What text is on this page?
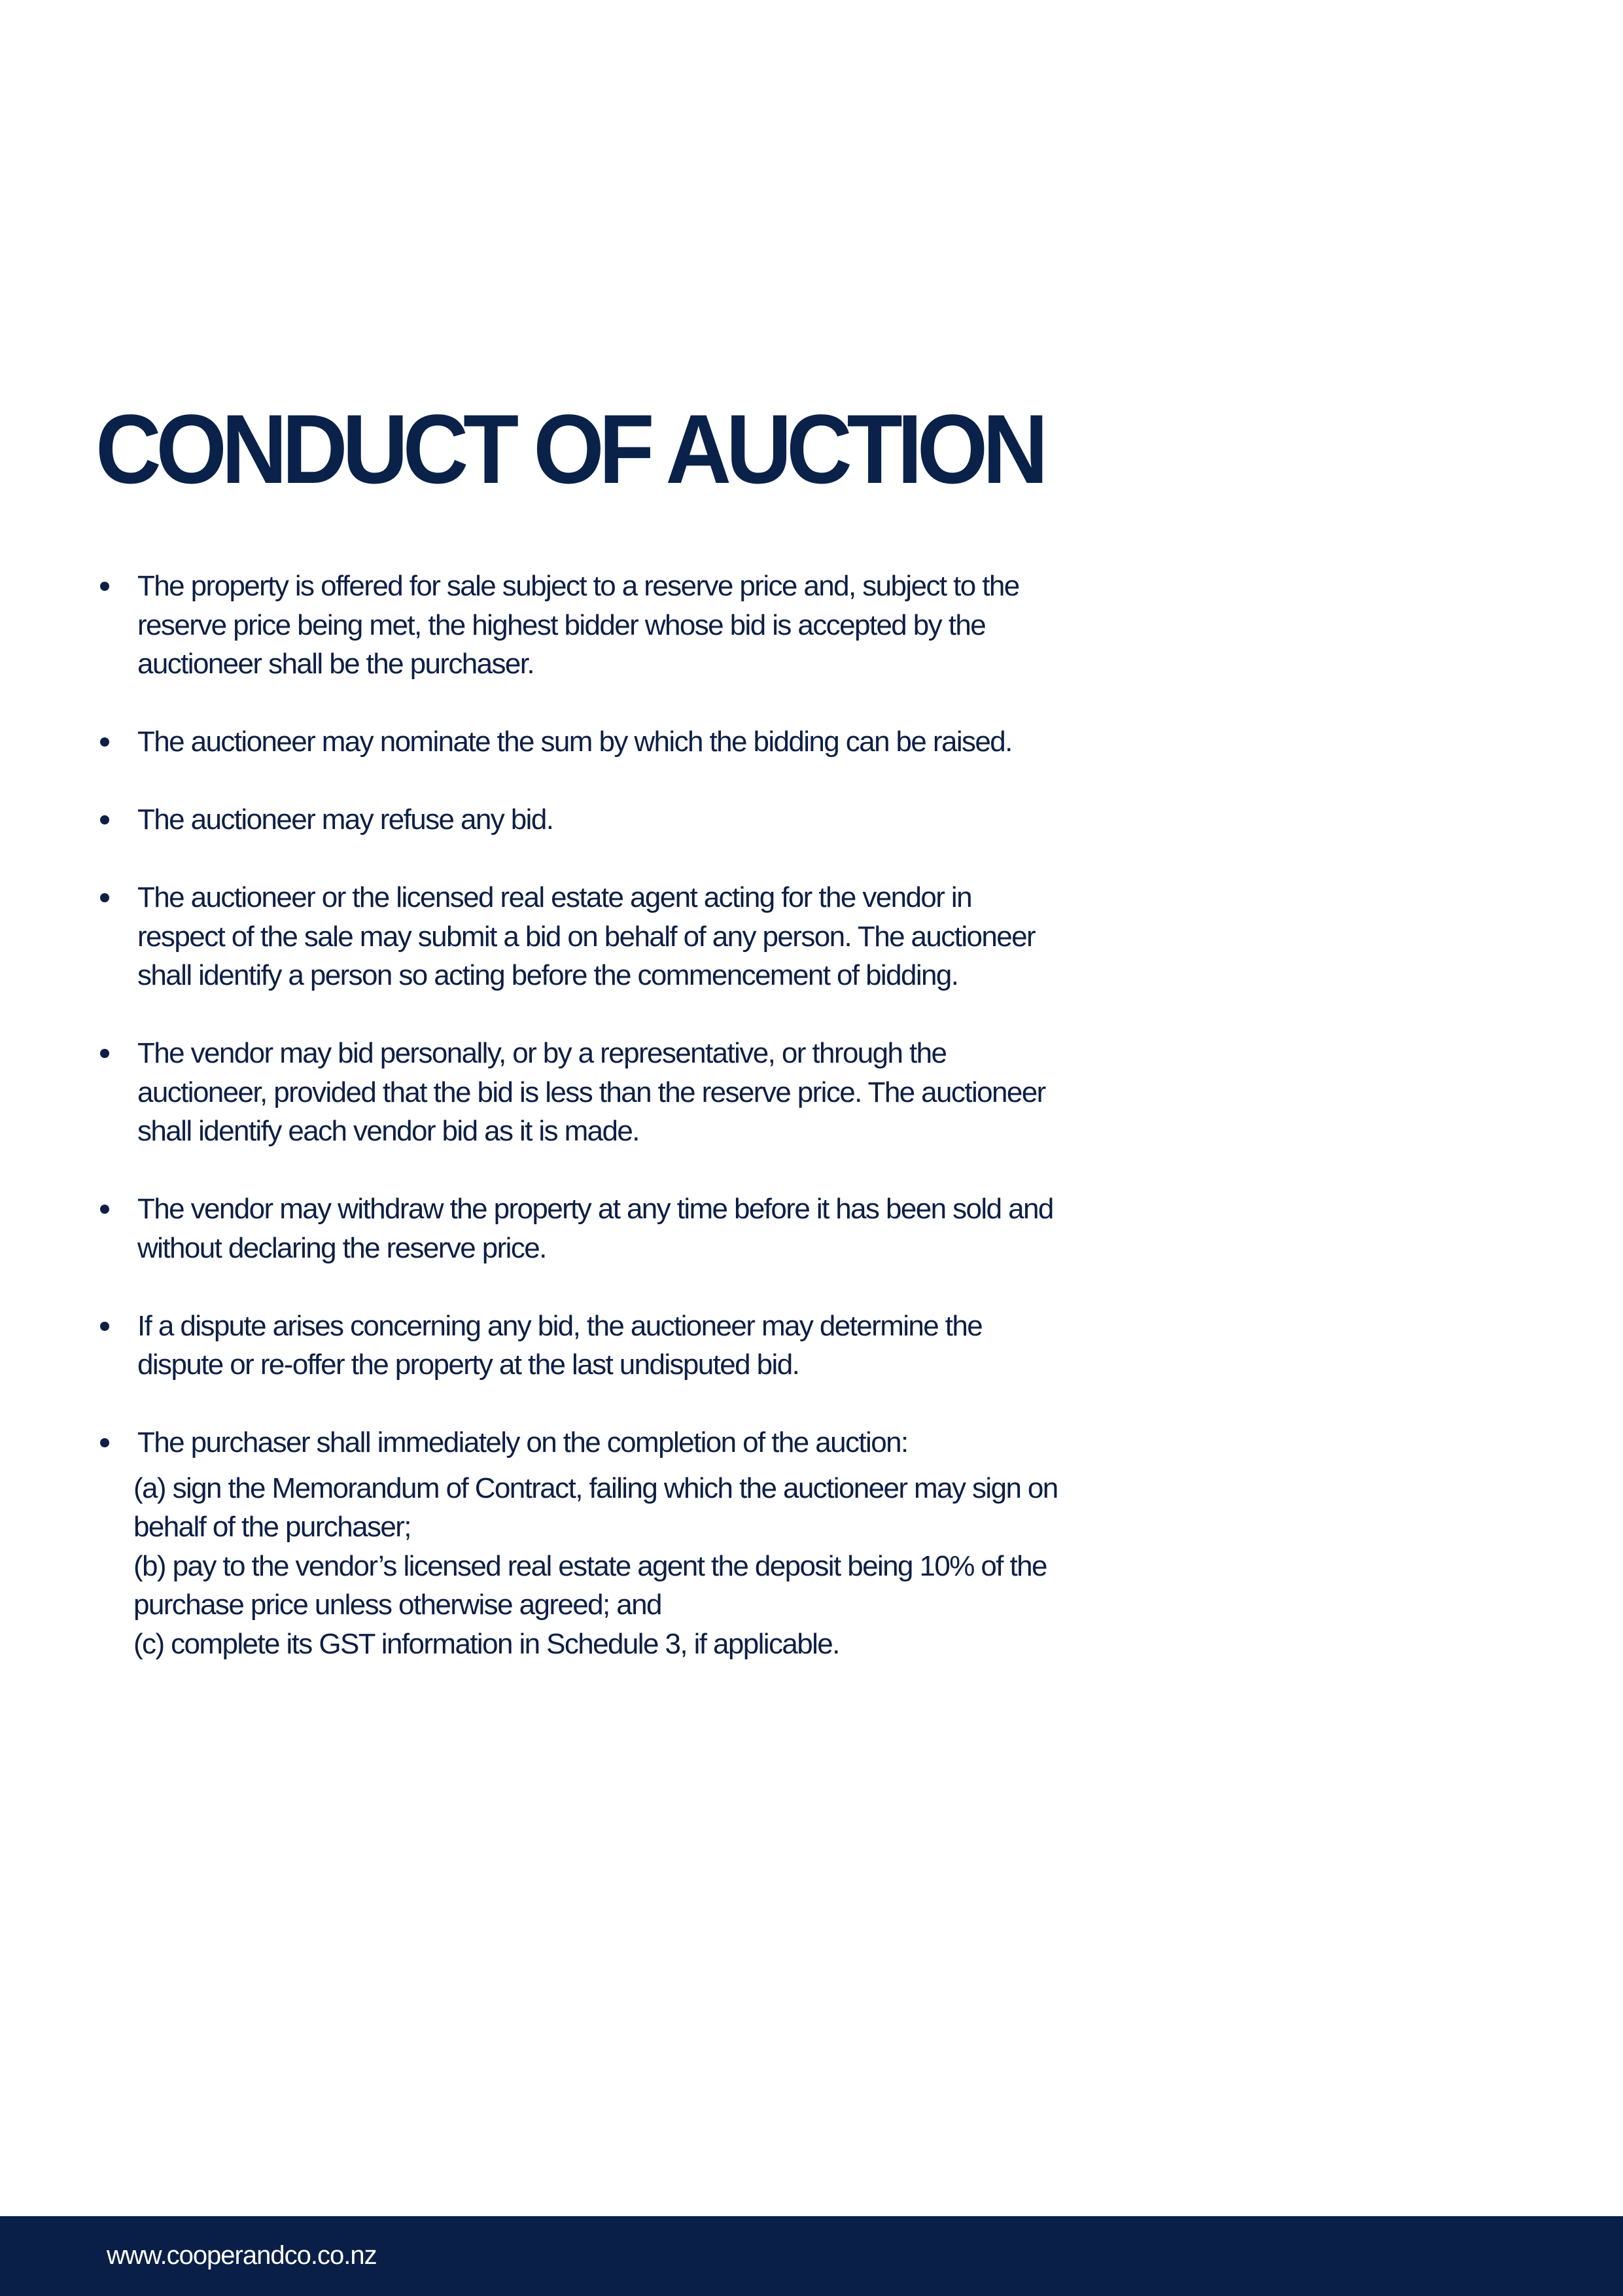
CONDUCT OF AUCTION
The property is offered for sale subject to a reserve price and, subject to the reserve price being met, the highest bidder whose bid is accepted by the auctioneer shall be the purchaser.
The auctioneer may nominate the sum by which the bidding can be raised.
The auctioneer may refuse any bid.
The auctioneer or the licensed real estate agent acting for the vendor in respect of the sale may submit a bid on behalf of any person. The auctioneer shall identify a person so acting before the commencement of bidding.
The vendor may bid personally, or by a representative, or through the auctioneer, provided that the bid is less than the reserve price. The auctioneer shall identify each vendor bid as it is made.
The vendor may withdraw the property at any time before it has been sold and without declaring the reserve price.
If a dispute arises concerning any bid, the auctioneer may determine the dispute or re-offer the property at the last undisputed bid.
The purchaser shall immediately on the completion of the auction:
(a) sign the Memorandum of Contract, failing which the auctioneer may sign on behalf of the purchaser;
(b) pay to the vendor’s licensed real estate agent the deposit being 10% of the purchase price unless otherwise agreed; and
(c) complete its GST information in Schedule 3, if applicable.
www.cooperandco.co.nz
